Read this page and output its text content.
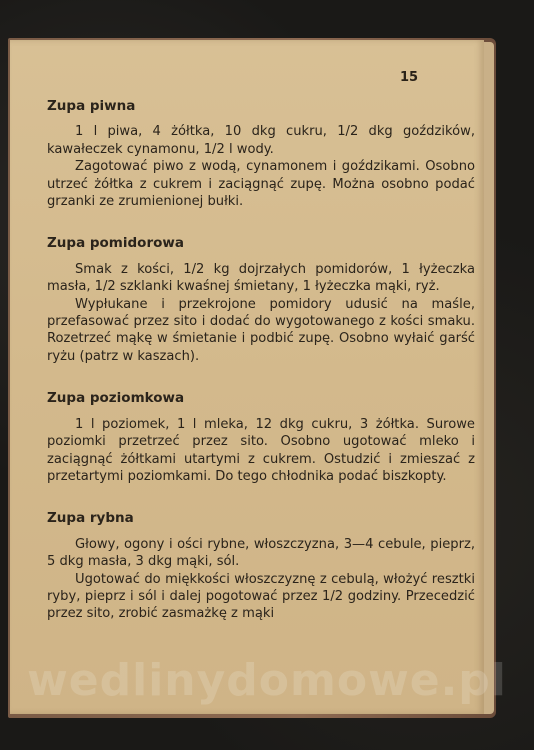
15
Zupa piwna

1 l piwa, 4 żółtka, 10 dkg cukru, 1/2 dkg goździków, kawałeczek cynamonu, 1/2 l wody.

Zagotować piwo z wodą, cynamonem i goździkami. Osobno utrzeć żółtka z cukrem i zaciągnąć zupę. Można osobno podać grzanki ze zrumienionej bułki.

Zupa pomidorowa

Smak z kości, 1/2 kg dojrzałych pomidorów, 1 łyżeczka masła, 1/2 szklanki kwaśnej śmietany, 1 łyżeczka mąki, ryż.

Wypłukane i przekrojone pomidory udusić na maśle, przefasować przez sito i dodać do wygotowanego z kości smaku. Rozetrzeć mąkę w śmietanie i podbić zupę. Osobno wyłaić garść ryżu (patrz w kaszach).

Zupa poziomkowa

1 l poziomek, 1 l mleka, 12 dkg cukru, 3 żółtka. Surowe poziomki przetrzeć przez sito. Osobno ugotować mleko i zaciągnąć żółtkami utartymi z cukrem. Ostudzić i zmieszać z przetartymi poziomkami. Do tego chłodnika podać biszkopty.

Zupa rybna

Głowy, ogony i ości rybne, włoszczyzna, 3—4 cebule, pieprz, 5 dkg masła, 3 dkg mąki, sól.

Ugotować do miękkości włoszczyznę z cebulą, włożyć resztki ryby, pieprz i sól i dalej pogotować przez 1/2 godziny. Przecedzić przez sito, zrobić zasmażkę z mąki

wedlinydomowe.pl
